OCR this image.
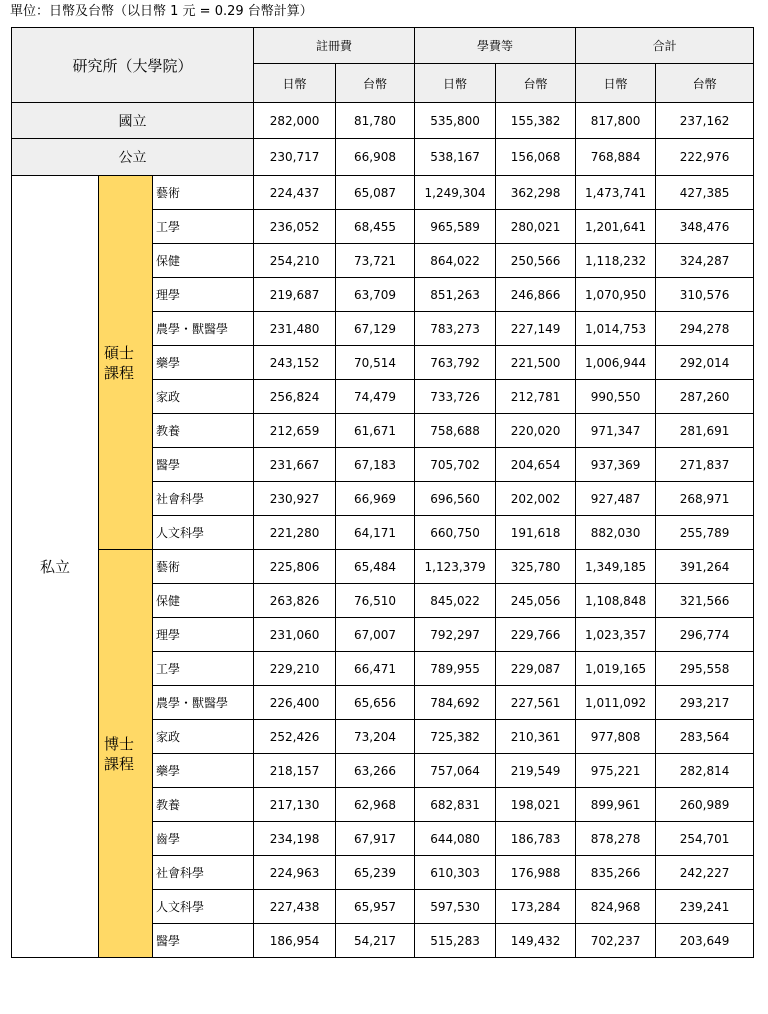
單位：日幣及台幣（以日幣 1 元 = 0.29 台幣計算）
研究所（大學院）			註冊費		學費等		合計	
			日幣	台幣	日幣	台幣	日幣	台幣
國立			282,000	81,780	535,800	155,382	817,800	237,162
公立			230,717	66,908	538,167	156,068	768,884	222,976
私立	碩士
課程	藝術	224,437	65,087	1,249,304	362,298	1,473,741	427,385
		工學	236,052	68,455	965,589	280,021	1,201,641	348,476
		保健	254,210	73,721	864,022	250,566	1,118,232	324,287
		理學	219,687	63,709	851,263	246,866	1,070,950	310,576
		農學・獸醫學	231,480	67,129	783,273	227,149	1,014,753	294,278
		藥學	243,152	70,514	763,792	221,500	1,006,944	292,014
		家政	256,824	74,479	733,726	212,781	990,550	287,260
		教養	212,659	61,671	758,688	220,020	971,347	281,691
		醫學	231,667	67,183	705,702	204,654	937,369	271,837
		社會科學	230,927	66,969	696,560	202,002	927,487	268,971
		人文科學	221,280	64,171	660,750	191,618	882,030	255,789

	博士
課程	藝術	225,806	65,484	1,123,379	325,780	1,349,185	391,264
		保健	263,826	76,510	845,022	245,056	1,108,848	321,566
		理學	231,060	67,007	792,297	229,766	1,023,357	296,774
		工學	229,210	66,471	789,955	229,087	1,019,165	295,558
		農學・獸醫學	226,400	65,656	784,692	227,561	1,011,092	293,217
		家政	252,426	73,204	725,382	210,361	977,808	283,564
		藥學	218,157	63,266	757,064	219,549	975,221	282,814
		教養	217,130	62,968	682,831	198,021	899,961	260,989
		齒學	234,198	67,917	644,080	186,783	878,278	254,701
		社會科學	224,963	65,239	610,303	176,988	835,266	242,227
		人文科學	227,438	65,957	597,530	173,284	824,968	239,241
		醫學	186,954	54,217	515,283	149,432	702,237	203,649
